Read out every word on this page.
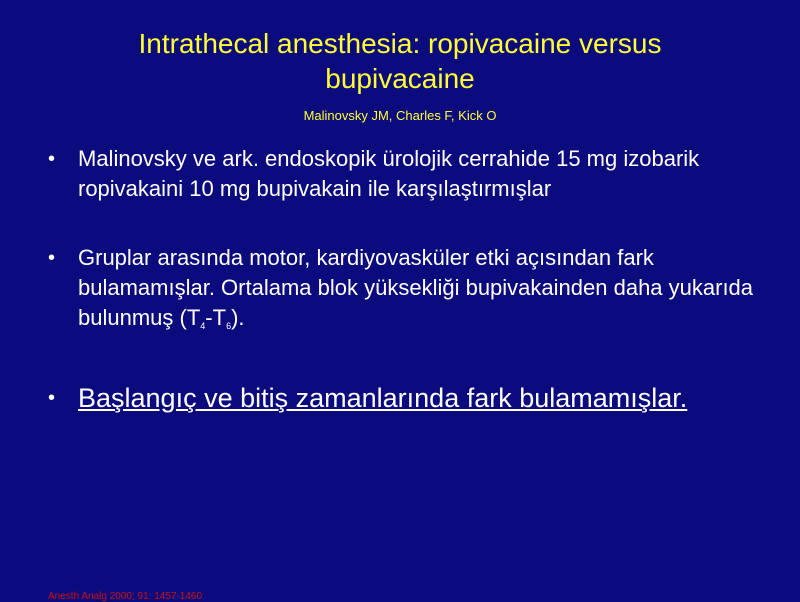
Intrathecal anesthesia: ropivacaine versus bupivacaine
Malinovsky JM, Charles F, Kick O
• Malinovsky ve ark. endoskopik ürolojik cerrahide 15 mg izobarik ropivakaini 10 mg bupivakain ile karşılaştırmışlar
• Gruplar arasında motor, kardiyovasküler etki açısından fark bulamamışlar. Ortalama blok yüksekliği bupivakainden daha yukarıda bulunmuş $(T_4-T_6)$.
• Başlangıç ve bitiş zamanlarında fark bulamamışlar.
Anesth Analg 2000; 91: 1457-1460
